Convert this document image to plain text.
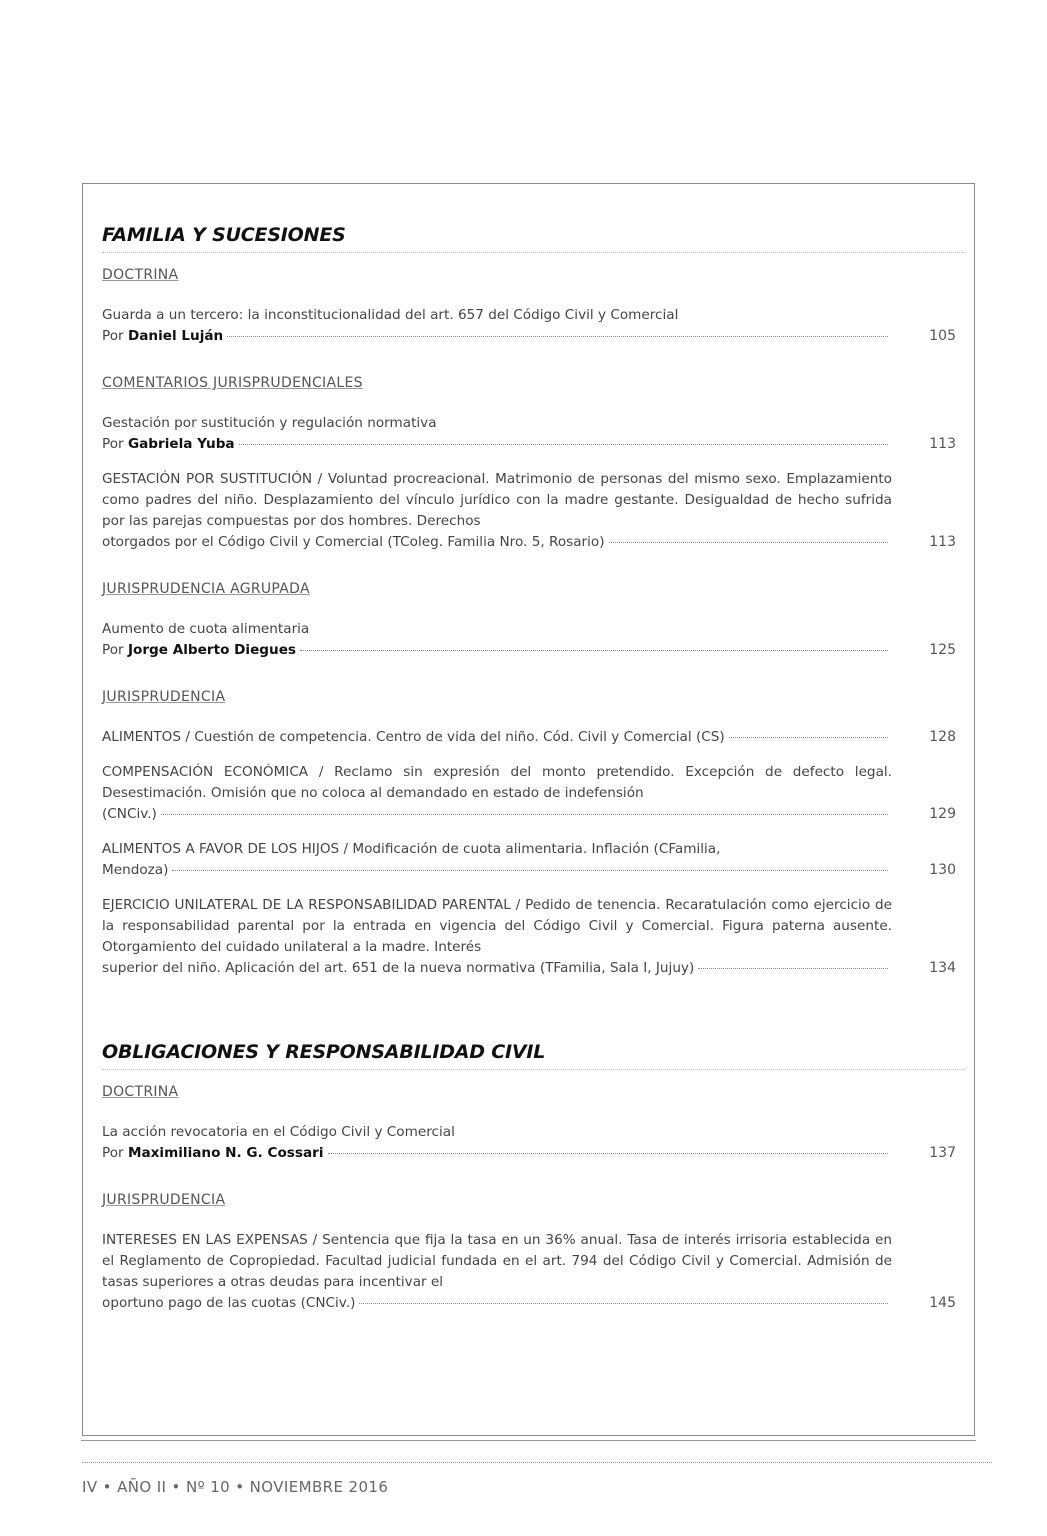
FAMILIA Y SUCESIONES
DOCTRINA
Guarda a un tercero: la inconstitucionalidad del art. 657 del Código Civil y Comercial
Por
Daniel Luján	105
COMENTARIOS JURISPRUDENCIALES
Gestación por sustitución y regulación normativa
Por
Gabriela Yuba	113
GESTACIÓN POR SUSTITUCIÓN / Voluntad procreacional. Matrimonio de personas del mismo sexo. Emplazamiento como padres del niño. Desplazamiento del vínculo jurídico con la madre gestante. Desigualdad de hecho sufrida por las parejas compuestas por dos hombres. Derechos
otorgados por el Código Civil y Comercial (TColeg. Familia Nro. 5, Rosario)	113
JURISPRUDENCIA AGRUPADA
Aumento de cuota alimentaria
Por
Jorge Alberto Diegues	125
JURISPRUDENCIA
ALIMENTOS / Cuestión de competencia. Centro de vida del niño. Cód. Civil y Comercial (CS)	128
COMPENSACIÓN ECONÓMICA / Reclamo sin expresión del monto pretendido. Excepción de defecto legal. Desestimación. Omisión que no coloca al demandado en estado de indefensión
(CNCiv.)	129
ALIMENTOS A FAVOR DE LOS HIJOS / Modificación de cuota alimentaria. Inflación (CFamilia,
Mendoza)	130
EJERCICIO UNILATERAL DE LA RESPONSABILIDAD PARENTAL / Pedido de tenencia. Recaratulación como ejercicio de la responsabilidad parental por la entrada en vigencia del Código Civil y Comercial. Figura paterna ausente. Otorgamiento del cuidado unilateral a la madre. Interés
superior del niño. Aplicación del art. 651 de la nueva normativa (TFamilia, Sala I, Jujuy)	134
OBLIGACIONES Y RESPONSABILIDAD CIVIL
DOCTRINA
La acción revocatoria en el Código Civil y Comercial
Por
Maximiliano N. G. Cossari	137
JURISPRUDENCIA
INTERESES EN LAS EXPENSAS / Sentencia que fija la tasa en un 36% anual. Tasa de interés irrisoria establecida en el Reglamento de Copropiedad. Facultad judicial fundada en el art. 794 del Código Civil y Comercial. Admisión de tasas superiores a otras deudas para incentivar el
oportuno pago de las cuotas (CNCiv.)	145
IV • AÑO II • Nº 10 • NOVIEMBRE 2016
